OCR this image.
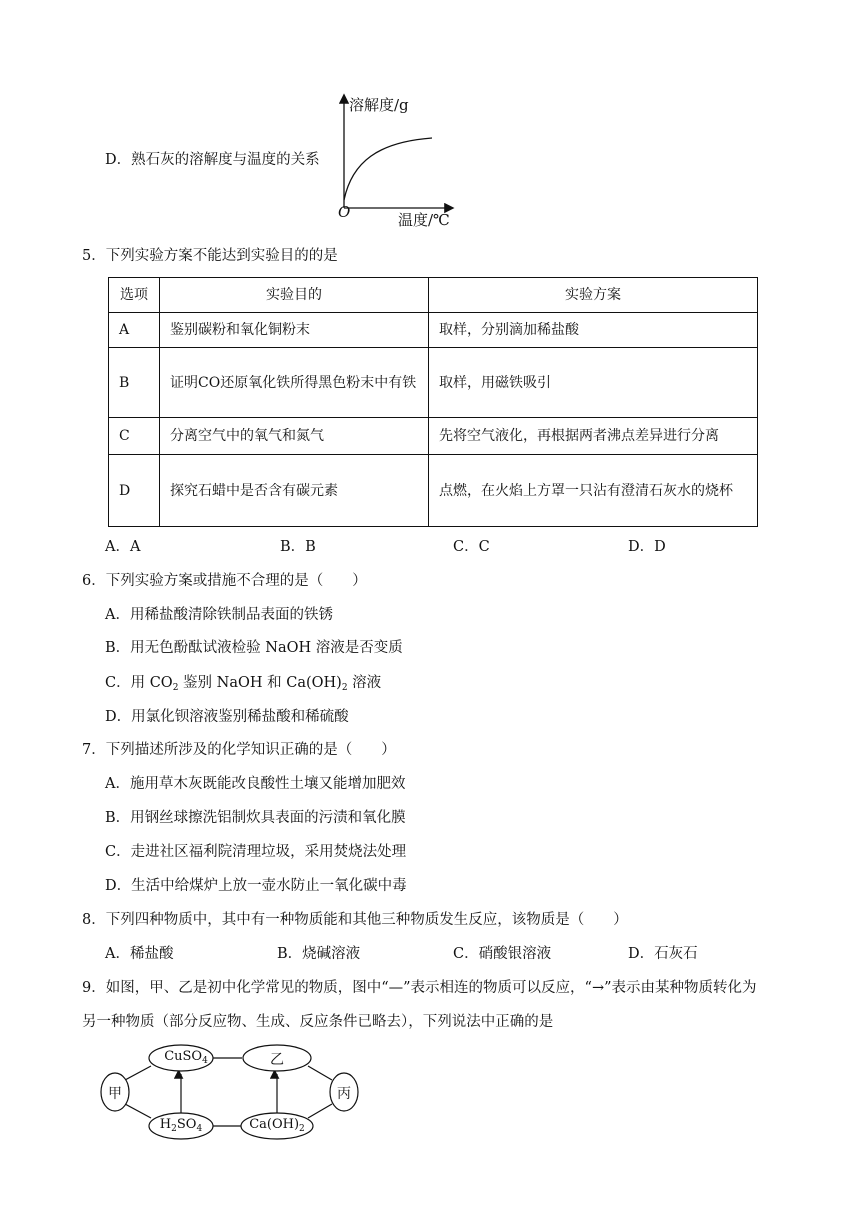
D．熟石灰的溶解度与温度的关系
溶解度/g
O	温度/℃
5．下列实验方案不能达到实验目的的是
选项	实验目的	实验方案
A	鉴别碳粉和氧化铜粉末	取样，分别滴加稀盐酸
B	证明CO还原氧化铁所得黑色粉末中有铁	取样，用磁铁吸引
C	分离空气中的氧气和氮气	先将空气液化，再根据两者沸点差异进行分离
D	探究石蜡中是否含有碳元素	点燃，在火焰上方罩一只沾有澄清石灰水的烧杯
A．A	B．B	C．C	D．D
6．下列实验方案或措施不合理的是（　　）
A．用稀盐酸清除铁制品表面的铁锈
B．用无色酚酞试液检验 NaOH 溶液是否变质
C．用 $CO_2$ 鉴别 NaOH 和 $Ca(OH)_2$ 溶液
D．用氯化钡溶液鉴别稀盐酸和稀硫酸
7．下列描述所涉及的化学知识正确的是（　　）
A．施用草木灰既能改良酸性土壤又能增加肥效
B．用钢丝球擦洗铝制炊具表面的污渍和氧化膜
C．走进社区福利院清理垃圾，采用焚烧法处理
D．生活中给煤炉上放一壶水防止一氧化碳中毒
8．下列四种物质中，其中有一种物质能和其他三种物质发生反应，该物质是（　　）
A．稀盐酸	B．烧碱溶液	C．硝酸银溶液	D．石灰石
9．如图，甲、乙是初中化学常见的物质，图中“—”表示相连的物质可以反应，“→”表示由某种物质转化为
另一种物质（部分反应物、生成、反应条件已略去），下列说法中正确的是
CuSO$_4$	乙
甲
$H_2SO_4$	$Ca(OH)_2$
丙
